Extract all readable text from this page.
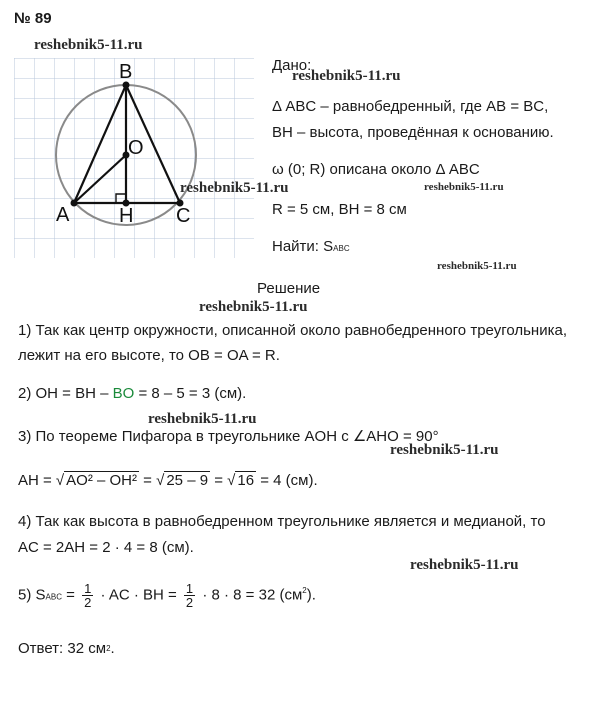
№ 89
reshebnik5-11.ru
B
O
A H C
Дано:
reshebnik5-11.ru
Δ ABC – равнобедренный, где AB = BC,
BH – высота, проведённая к основанию.
ω (0; R) описана около Δ ABC
reshebnik5-11.ru	reshebnik5-11.ru
R = 5 см, BH = 8 см
Найти: SABC
reshebnik5-11.ru
Решение
reshebnik5-11.ru
1) Так как центр окружности, описанной около равнобедренного треугольника,
лежит на его высоте, то OB = OA = R.
2) OH = BH – BO = 8 – 5 = 3 (см).
reshebnik5-11.ru
3) По теореме Пифагора в треугольнике AOH с ∠AHO = 90°
reshebnik5-11.ru
AH = √ AO² – OH² = √ 25 – 9 = √ 16 = 4 (см).
4) Так как высота в равнобедренном треугольнике является и медианой, то
AC = 2AH = 2 · 4 = 8 (см).
reshebnik5-11.ru
5) SABC = $\frac{1}{2}$ · AC · BH = $\frac{1}{2} \cdot 8 \cdot 8 = 32$ $(см^2)$.
Ответ: 32 $см^2$.
